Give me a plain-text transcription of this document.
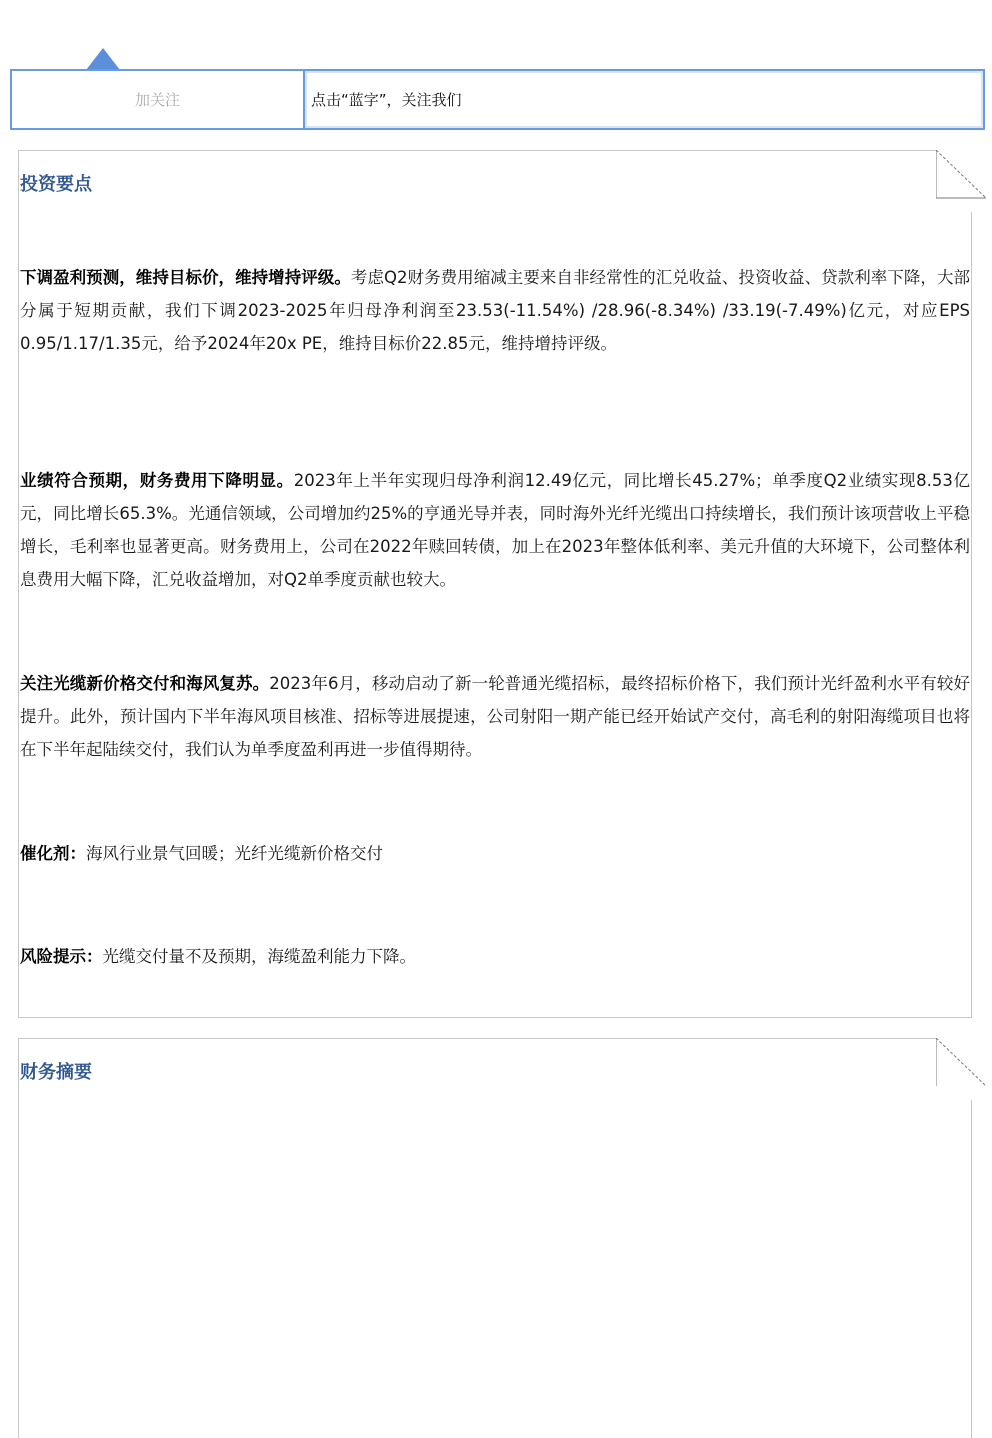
加关注	点击“蓝字”，关注我们
投资要点

下调盈利预测，维持目标价，维持增持评级。考虑Q2财务费用缩减主要来自非经常性的汇兑收益、投资收益、贷款利率下降，大部分属于短期贡献，我们下调2023-2025年归母净利润至23.53(-11.54%) /28.96(-8.34%) /33.19(-7.49%)亿元，对应EPS 0.95/1.17/1.35元，给予2024年20x PE，维持目标价22.85元，维持增持评级。

业绩符合预期，财务费用下降明显。2023年上半年实现归母净利润12.49亿元，同比增长45.27%；单季度Q2业绩实现8.53亿元，同比增长65.3%。光通信领域，公司增加约25%的亨通光导并表，同时海外光纤光缆出口持续增长，我们预计该项营收上平稳增长，毛利率也显著更高。财务费用上，公司在2022年赎回转债，加上在2023年整体低利率、美元升值的大环境下，公司整体利息费用大幅下降，汇兑收益增加，对Q2单季度贡献也较大。

关注光缆新价格交付和海风复苏。2023年6月，移动启动了新一轮普通光缆招标，最终招标价格下，我们预计光纤盈利水平有较好提升。此外，预计国内下半年海风项目核准、招标等进展提速，公司射阳一期产能已经开始试产交付，高毛利的射阳海缆项目也将在下半年起陆续交付，我们认为单季度盈利再进一步值得期待。

催化剂：海风行业景气回暖；光纤光缆新价格交付

风险提示：光缆交付量不及预期，海缆盈利能力下降。

财务摘要
